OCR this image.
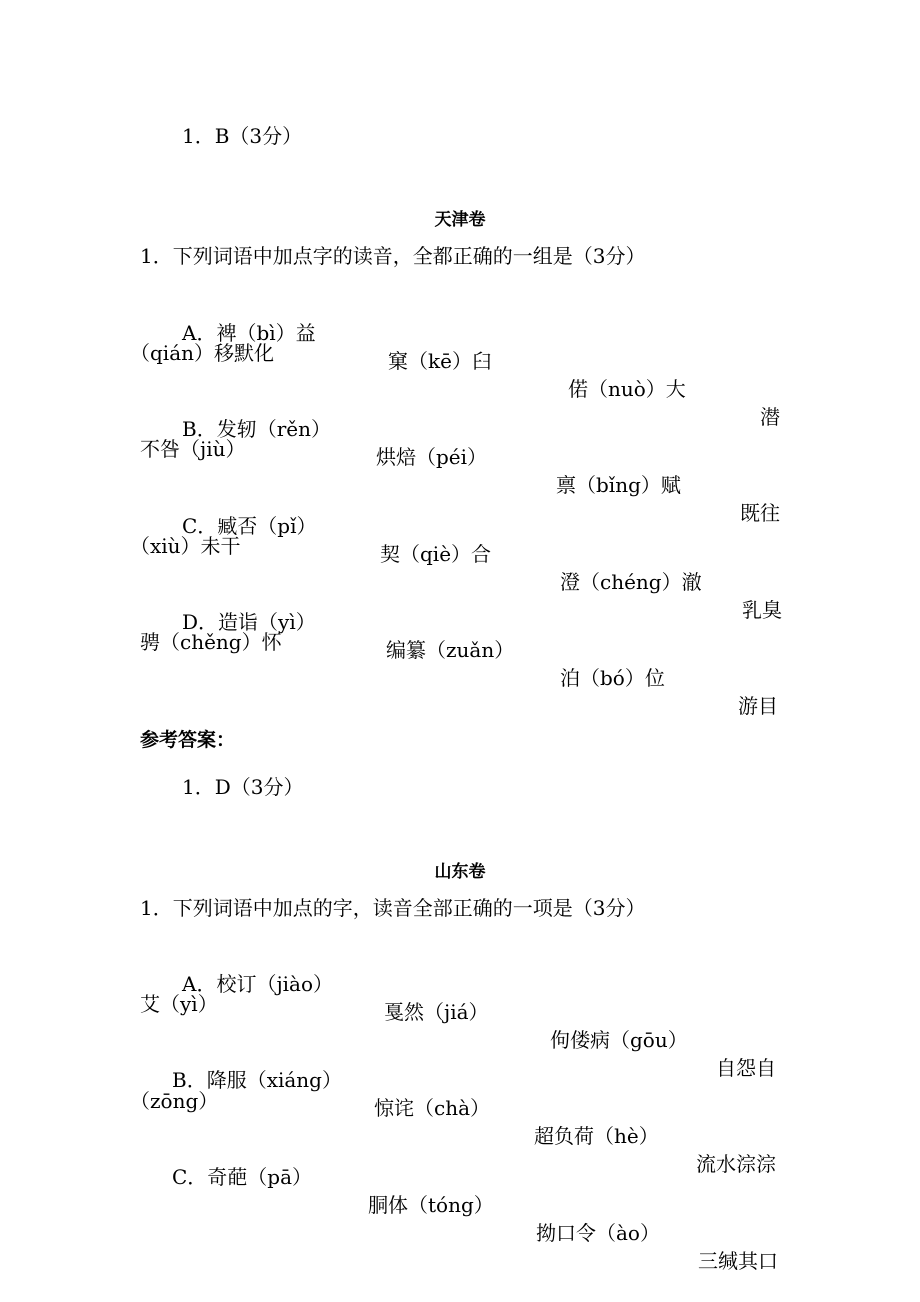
1．B（3分）
天津卷
1．下列词语中加点字的读音，全都正确的一组是（3分）

A．裨（bì）益

窠（kē）臼

偌（nuò）大

潜

（qián）移默化

B．发轫（rěn）

烘焙（péi）

禀（bǐng）赋

既往

不咎（jiù）

C．臧否（pǐ）

契（qiè）合

澄（chéng）澈

乳臭

（xiù）未干

D．造诣（yì）

编纂（zuǎn）

泊（bó）位

游目

骋（chěng）怀
参考答案：
1．D（3分）
山东卷
1．下列词语中加点的字，读音全部正确的一项是（3分）

A．校订（jiào）

戛然（jiá）

佝偻病（gōu）

自怨自

艾（yì）

B．降服（xiáng）

惊诧（chà）

超负荷（hè）

流水淙淙

（zōng）

C．奇葩（pā）

胴体（tóng）

拗口令（ào）

三缄其口
